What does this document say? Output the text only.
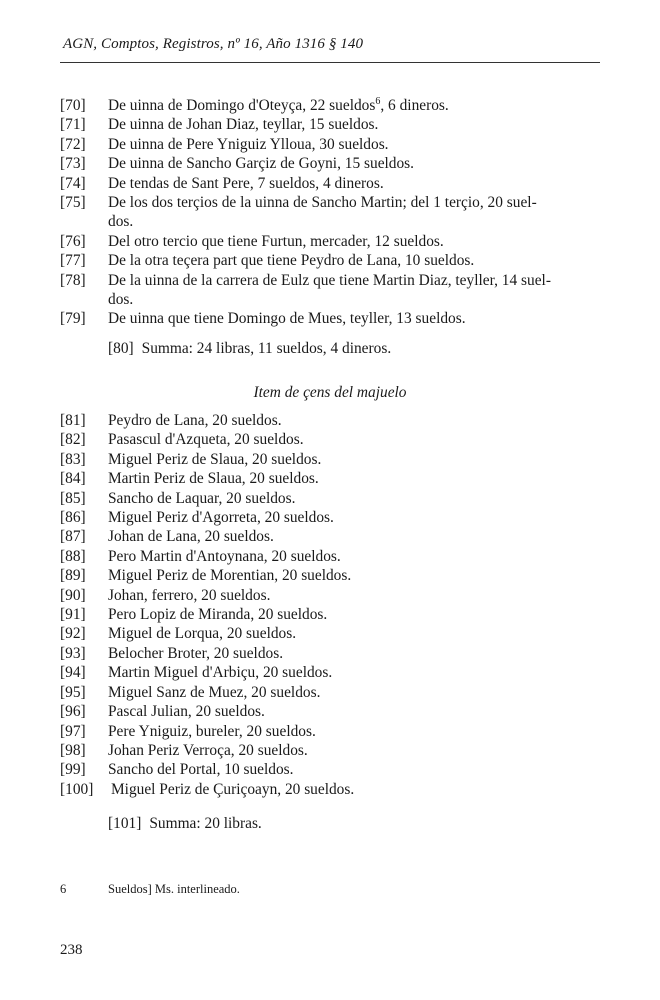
AGN, Comptos, Registros, nº 16, Año 1316 § 140
[70]	De uinna de Domingo d'Oteyça, 22 sueldos$^6$, 6 dineros.
[71]	De uinna de Johan Diaz, teyllar, 15 sueldos.
[72]	De uinna de Pere Yniguiz Ylloua, 30 sueldos.
[73]	De uinna de Sancho Garçiz de Goyni, 15 sueldos.
[74]	De tendas de Sant Pere, 7 sueldos, 4 dineros.
[75]	De los dos terçios de la uinna de Sancho Martin; del 1 terçio, 20 suel-
dos.
[76]	Del otro tercio que tiene Furtun, mercader, 12 sueldos.
[77]	De la otra teçera part que tiene Peydro de Lana, 10 sueldos.
[78]	De la uinna de la carrera de Eulz que tiene Martin Diaz, teyller, 14 suel-
dos.
[79]	De uinna que tiene Domingo de Mues, teyller, 13 sueldos.
[80] Summa: 24 libras, 11 sueldos, 4 dineros.
Item de çens del majuelo
[81]	Peydro de Lana, 20 sueldos.
[82]	Pasascul d'Azqueta, 20 sueldos.
[83]	Miguel Periz de Slaua, 20 sueldos.
[84]	Martin Periz de Slaua, 20 sueldos.
[85]	Sancho de Laquar, 20 sueldos.
[86]	Miguel Periz d'Agorreta, 20 sueldos.
[87]	Johan de Lana, 20 sueldos.
[88]	Pero Martin d'Antoynana, 20 sueldos.
[89]	Miguel Periz de Morentian, 20 sueldos.
[90]	Johan, ferrero, 20 sueldos.
[91]	Pero Lopiz de Miranda, 20 sueldos.
[92]	Miguel de Lorqua, 20 sueldos.
[93]	Belocher Broter, 20 sueldos.
[94]	Martin Miguel d'Arbiçu, 20 sueldos.
[95]	Miguel Sanz de Muez, 20 sueldos.
[96]	Pascal Julian, 20 sueldos.
[97]	Pere Yniguiz, bureler, 20 sueldos.
[98]	Johan Periz Verroça, 20 sueldos.
[99]	Sancho del Portal, 10 sueldos.
[100]	Miguel Periz de Çuriçoayn, 20 sueldos.
[101] Summa: 20 libras.
6	Sueldos] Ms. interlineado.
238
